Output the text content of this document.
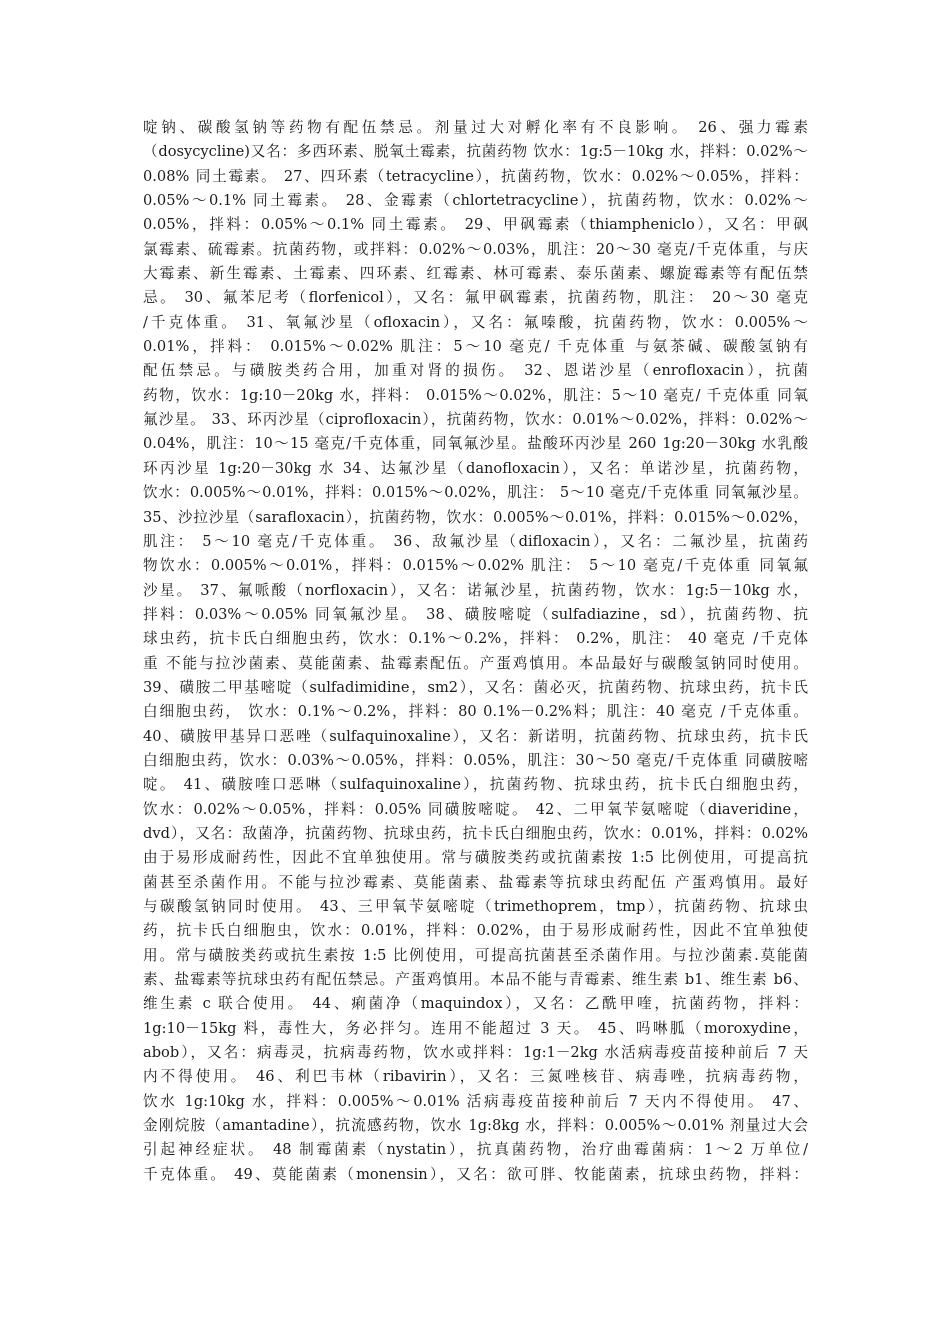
啶钠、碳酸氢钠等药物有配伍禁忌。剂量过大对孵化率有不良影响。 26、强力霉素
（dosycycline)又名：多西环素、脱氧土霉素，抗菌药物 饮水：1g:5－10kg 水，拌料：0.02%～
0.08% 同土霉素。 27、四环素（tetracycline），抗菌药物，饮水：0.02%～0.05%，拌料：
0.05%～0.1% 同土霉素。 28、金霉素（chlortetracycline），抗菌药物，饮水：0.02%～
0.05%，拌料：0.05%～0.1% 同土霉素。 29、甲砜霉素（thiampheniclo），又名：甲砜
氯霉素、硫霉素。抗菌药物，或拌料：0.02%～0.03%，肌注：20～30 毫克/千克体重，与庆
大霉素、新生霉素、土霉素、四环素、红霉素、林可霉素、泰乐菌素、螺旋霉素等有配伍禁
忌。 30、氟苯尼考（florfenicol），又名：氟甲砜霉素，抗菌药物，肌注： 20～30 毫克
/千克体重。 31、氧氟沙星（ofloxacin），又名：氟嗪酸，抗菌药物，饮水：0.005%～
0.01%，拌料： 0.015%～0.02% 肌注：5～10 毫克/ 千克体重 与氨茶碱、碳酸氢钠有
配伍禁忌。与磺胺类药合用，加重对肾的损伤。 32、恩诺沙星（enrofloxacin），抗菌
药物，饮水：1g:10－20kg 水，拌料： 0.015%～0.02%，肌注：5～10 毫克/ 千克体重 同氧
氟沙星。 33、环丙沙星（ciprofloxacin），抗菌药物，饮水：0.01%～0.02%，拌料：0.02%～
0.04%，肌注：10～15 毫克/千克体重，同氧氟沙星。盐酸环丙沙星 260 1g:20－30kg 水乳酸
环丙沙星 1g:20－30kg 水 34、达氟沙星（danofloxacin），又名：单诺沙星，抗菌药物，
饮水：0.005%～0.01%，拌料：0.015%～0.02%，肌注： 5～10 毫克/千克体重 同氧氟沙星。
35、沙拉沙星（sarafloxacin），抗菌药物，饮水：0.005%～0.01%，拌料：0.015%～0.02%，
肌注： 5～10 毫克/千克体重。 36、敌氟沙星（difloxacin），又名：二氟沙星，抗菌药
物饮水：0.005%～0.01%，拌料：0.015%～0.02% 肌注： 5～10 毫克/千克体重 同氧氟
沙星。 37、氟哌酸（norfloxacin），又名：诺氟沙星，抗菌药物，饮水：1g:5－10kg 水，
拌料：0.03%～0.05% 同氧氟沙星。 38、磺胺嘧啶（sulfadiazine，sd），抗菌药物、抗
球虫药，抗卡氏白细胞虫药，饮水：0.1%～0.2%，拌料： 0.2%，肌注： 40 毫克 /千克体
重 不能与拉沙菌素、莫能菌素、盐霉素配伍。产蛋鸡慎用。本品最好与碳酸氢钠同时使用。
39、磺胺二甲基嘧啶（sulfadimidine，sm2），又名：菌必灭，抗菌药物、抗球虫药，抗卡氏
白细胞虫药， 饮水：0.1%～0.2%，拌料：80 0.1%－0.2%料；肌注：40 毫克 /千克体重。
40、磺胺甲基异口恶唑（sulfaquinoxaline），又名：新诺明，抗菌药物、抗球虫药，抗卡氏
白细胞虫药，饮水：0.03%～0.05%，拌料：0.05%，肌注：30～50 毫克/千克体重 同磺胺嘧
啶。 41、磺胺喹口恶啉（sulfaquinoxaline），抗菌药物、抗球虫药，抗卡氏白细胞虫药，
饮水：0.02%～0.05%，拌料：0.05% 同磺胺嘧啶。 42、二甲氧苄氨嘧啶（diaveridine，
dvd），又名：敌菌净，抗菌药物、抗球虫药，抗卡氏白细胞虫药，饮水：0.01%，拌料：0.02%
由于易形成耐药性，因此不宜单独使用。常与磺胺类药或抗菌素按 1:5 比例使用，可提高抗
菌甚至杀菌作用。不能与拉沙霉素、莫能菌素、盐霉素等抗球虫药配伍 产蛋鸡慎用。最好
与碳酸氢钠同时使用。 43、三甲氧苄氨嘧啶（trimethoprem，tmp），抗菌药物、抗球虫
药，抗卡氏白细胞虫，饮水：0.01%，拌料：0.02%，由于易形成耐药性，因此不宜单独使
用。常与磺胺类药或抗生素按 1:5 比例使用，可提高抗菌甚至杀菌作用。与拉沙菌素.莫能菌
素、盐霉素等抗球虫药有配伍禁忌。产蛋鸡慎用。本品不能与青霉素、维生素 b1、维生素 b6、
维生素 c 联合使用。 44、痢菌净（maquindox），又名：乙酰甲喹，抗菌药物，拌料：
1g:10－15kg 料，毒性大，务必拌匀。连用不能超过 3 天。 45、吗啉胍（moroxydine，
abob），又名：病毒灵，抗病毒药物，饮水或拌料：1g:1－2kg 水活病毒疫苗接种前后 7 天
内不得使用。 46、利巴韦林（ribavirin），又名：三氮唑核苷、病毒唑，抗病毒药物，
饮水 1g:10kg 水，拌料：0.005%～0.01% 活病毒疫苗接种前后 7 天内不得使用。 47、
金刚烷胺（amantadine），抗流感药物，饮水 1g:8kg 水，拌料：0.005%～0.01% 剂量过大会
引起神经症状。 48 制霉菌素（nystatin），抗真菌药物，治疗曲霉菌病：1～2 万单位/
千克体重。 49、莫能菌素（monensin），又名：欲可胖、牧能菌素，抗球虫药物，拌料：
